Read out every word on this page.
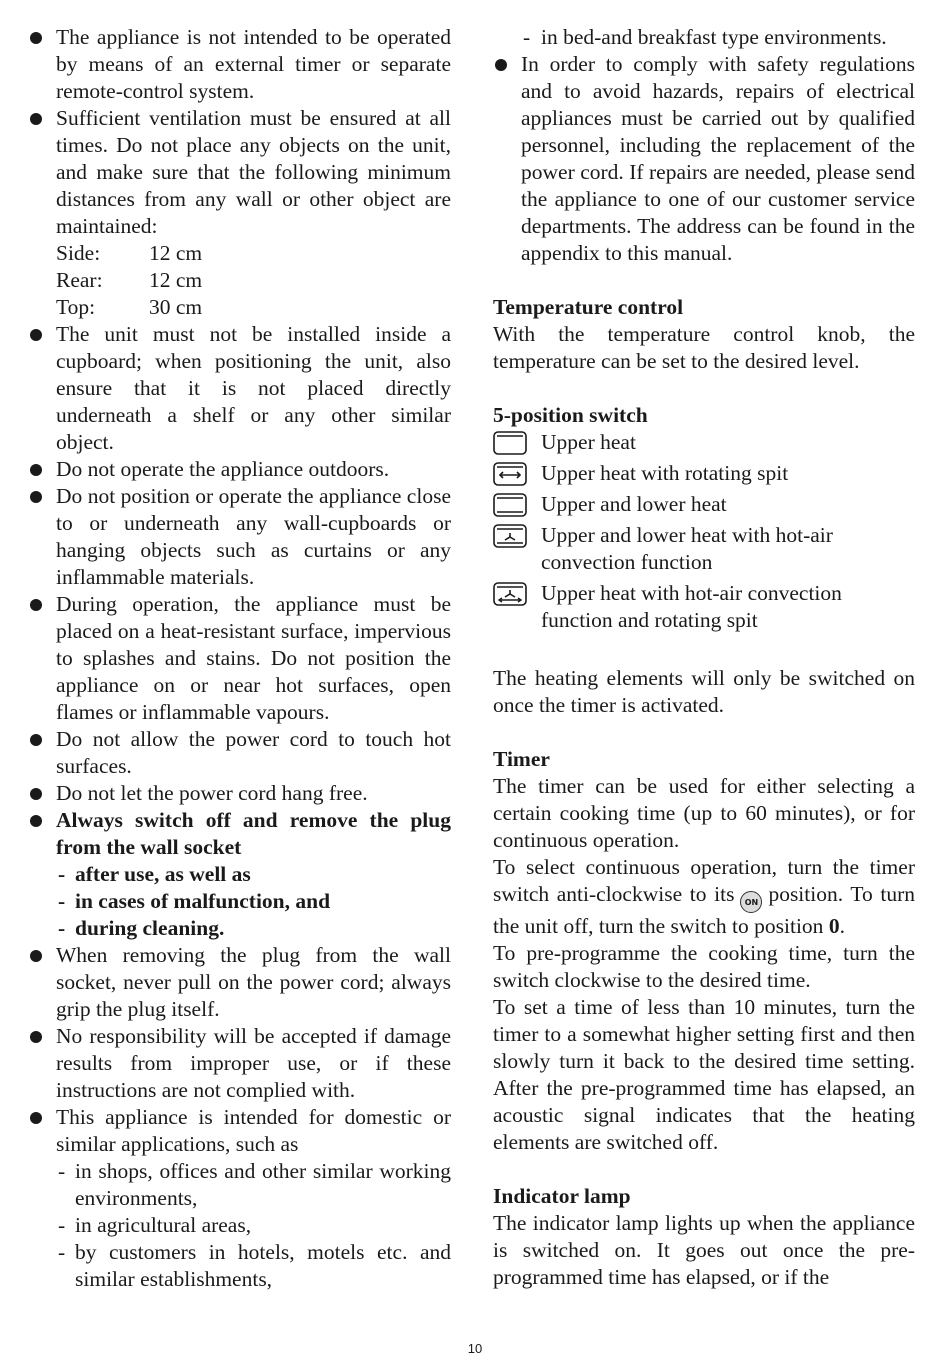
The appliance is not intended to be operated by means of an external timer or separate remote-control system.

Sufficient ventilation must be ensured at all times. Do not place any objects on the unit, and make sure that the following minimum distances from any wall or other object are maintained:

Side:	12 cm
Rear:	12 cm
Top:	30 cm

The unit must not be installed inside a cupboard; when positioning the unit, also ensure that it is not placed directly underneath a shelf or any other similar object.

Do not operate the appliance outdoors.

Do not position or operate the appliance close to or underneath any wall-cupboards or hanging objects such as curtains or any inflammable materials.

During operation, the appliance must be placed on a heat-resistant surface, impervious to splashes and stains. Do not position the appliance on or near hot surfaces, open flames or inflammable vapours.

Do not allow the power cord to touch hot surfaces.

Do not let the power cord hang free.

Always switch off and remove the plug from the wall socket

- after use, as well as
- in cases of malfunction, and
- during cleaning.

When removing the plug from the wall socket, never pull on the power cord; always grip the plug itself.

No responsibility will be accepted if damage results from improper use, or if these instructions are not complied with.

This appliance is intended for domestic or similar applications, such as

- in shops, offices and other similar working environments,

- in agricultural areas,

- by customers in hotels, motels etc. and similar establishments,

- in bed-and breakfast type environments.

In order to comply with safety regulations and to avoid hazards, repairs of electrical appliances must be carried out by qualified personnel, including the replacement of the power cord. If repairs are needed, please send the appliance to one of our customer service departments. The address can be found in the appendix to this manual.

Temperature control

With the temperature control knob, the temperature can be set to the desired level.

5-position switch
Upper heat
Upper heat with rotating spit
Upper and lower heat
Upper and lower heat with hot-air convection function
Upper heat with hot-air convection function and rotating spit

The heating elements will only be switched on once the timer is activated.

Timer

The timer can be used for either selecting a certain cooking time (up to 60 minutes), or for continuous operation.

To select continuous operation, turn the timer switch anti-clockwise to its ON position. To turn the unit off, turn the switch to position 0.

To pre-programme the cooking time, turn the switch clockwise to the desired time.

To set a time of less than 10 minutes, turn the timer to a somewhat higher setting first and then slowly turn it back to the desired time setting. After the pre-programmed time has elapsed, an acoustic signal indicates that the heating elements are switched off.

Indicator lamp

The indicator lamp lights up when the appliance is switched on. It goes out once the pre-programmed time has elapsed, or if the

10
